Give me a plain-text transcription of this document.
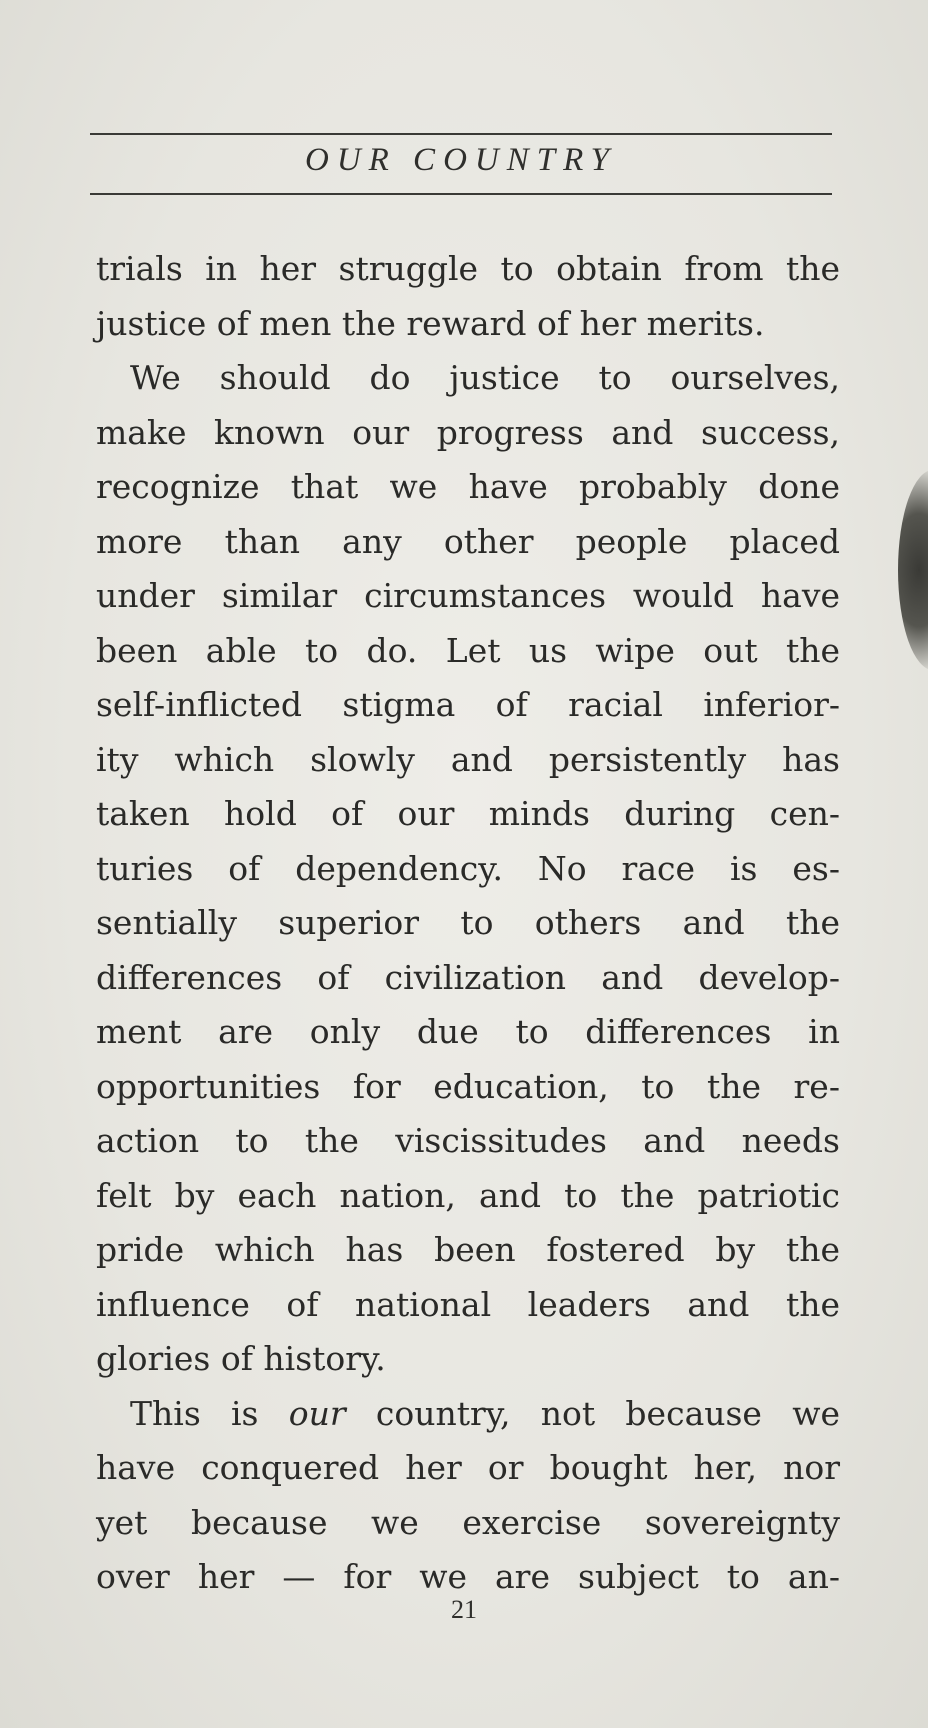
OUR COUNTRY
trials in her struggle to obtain from the
justice of men the reward of her merits.
We should do justice to ourselves,
make known our progress and success,
recognize that we have probably done
more than any other people placed
under similar circumstances would have
been able to do. Let us wipe out the
self-inflicted stigma of racial inferior-
ity which slowly and persistently has
taken hold of our minds during cen-
turies of dependency. No race is es-
sentially superior to others and the
differences of civilization and develop-
ment are only due to differences in
opportunities for education, to the re-
action to the viscissitudes and needs
felt by each nation, and to the patriotic
pride which has been fostered by the
influence of national leaders and the
glories of history.
This is our country, not because we
have conquered her or bought her, nor
yet because we exercise sovereignty
over her — for we are subject to an-
21
